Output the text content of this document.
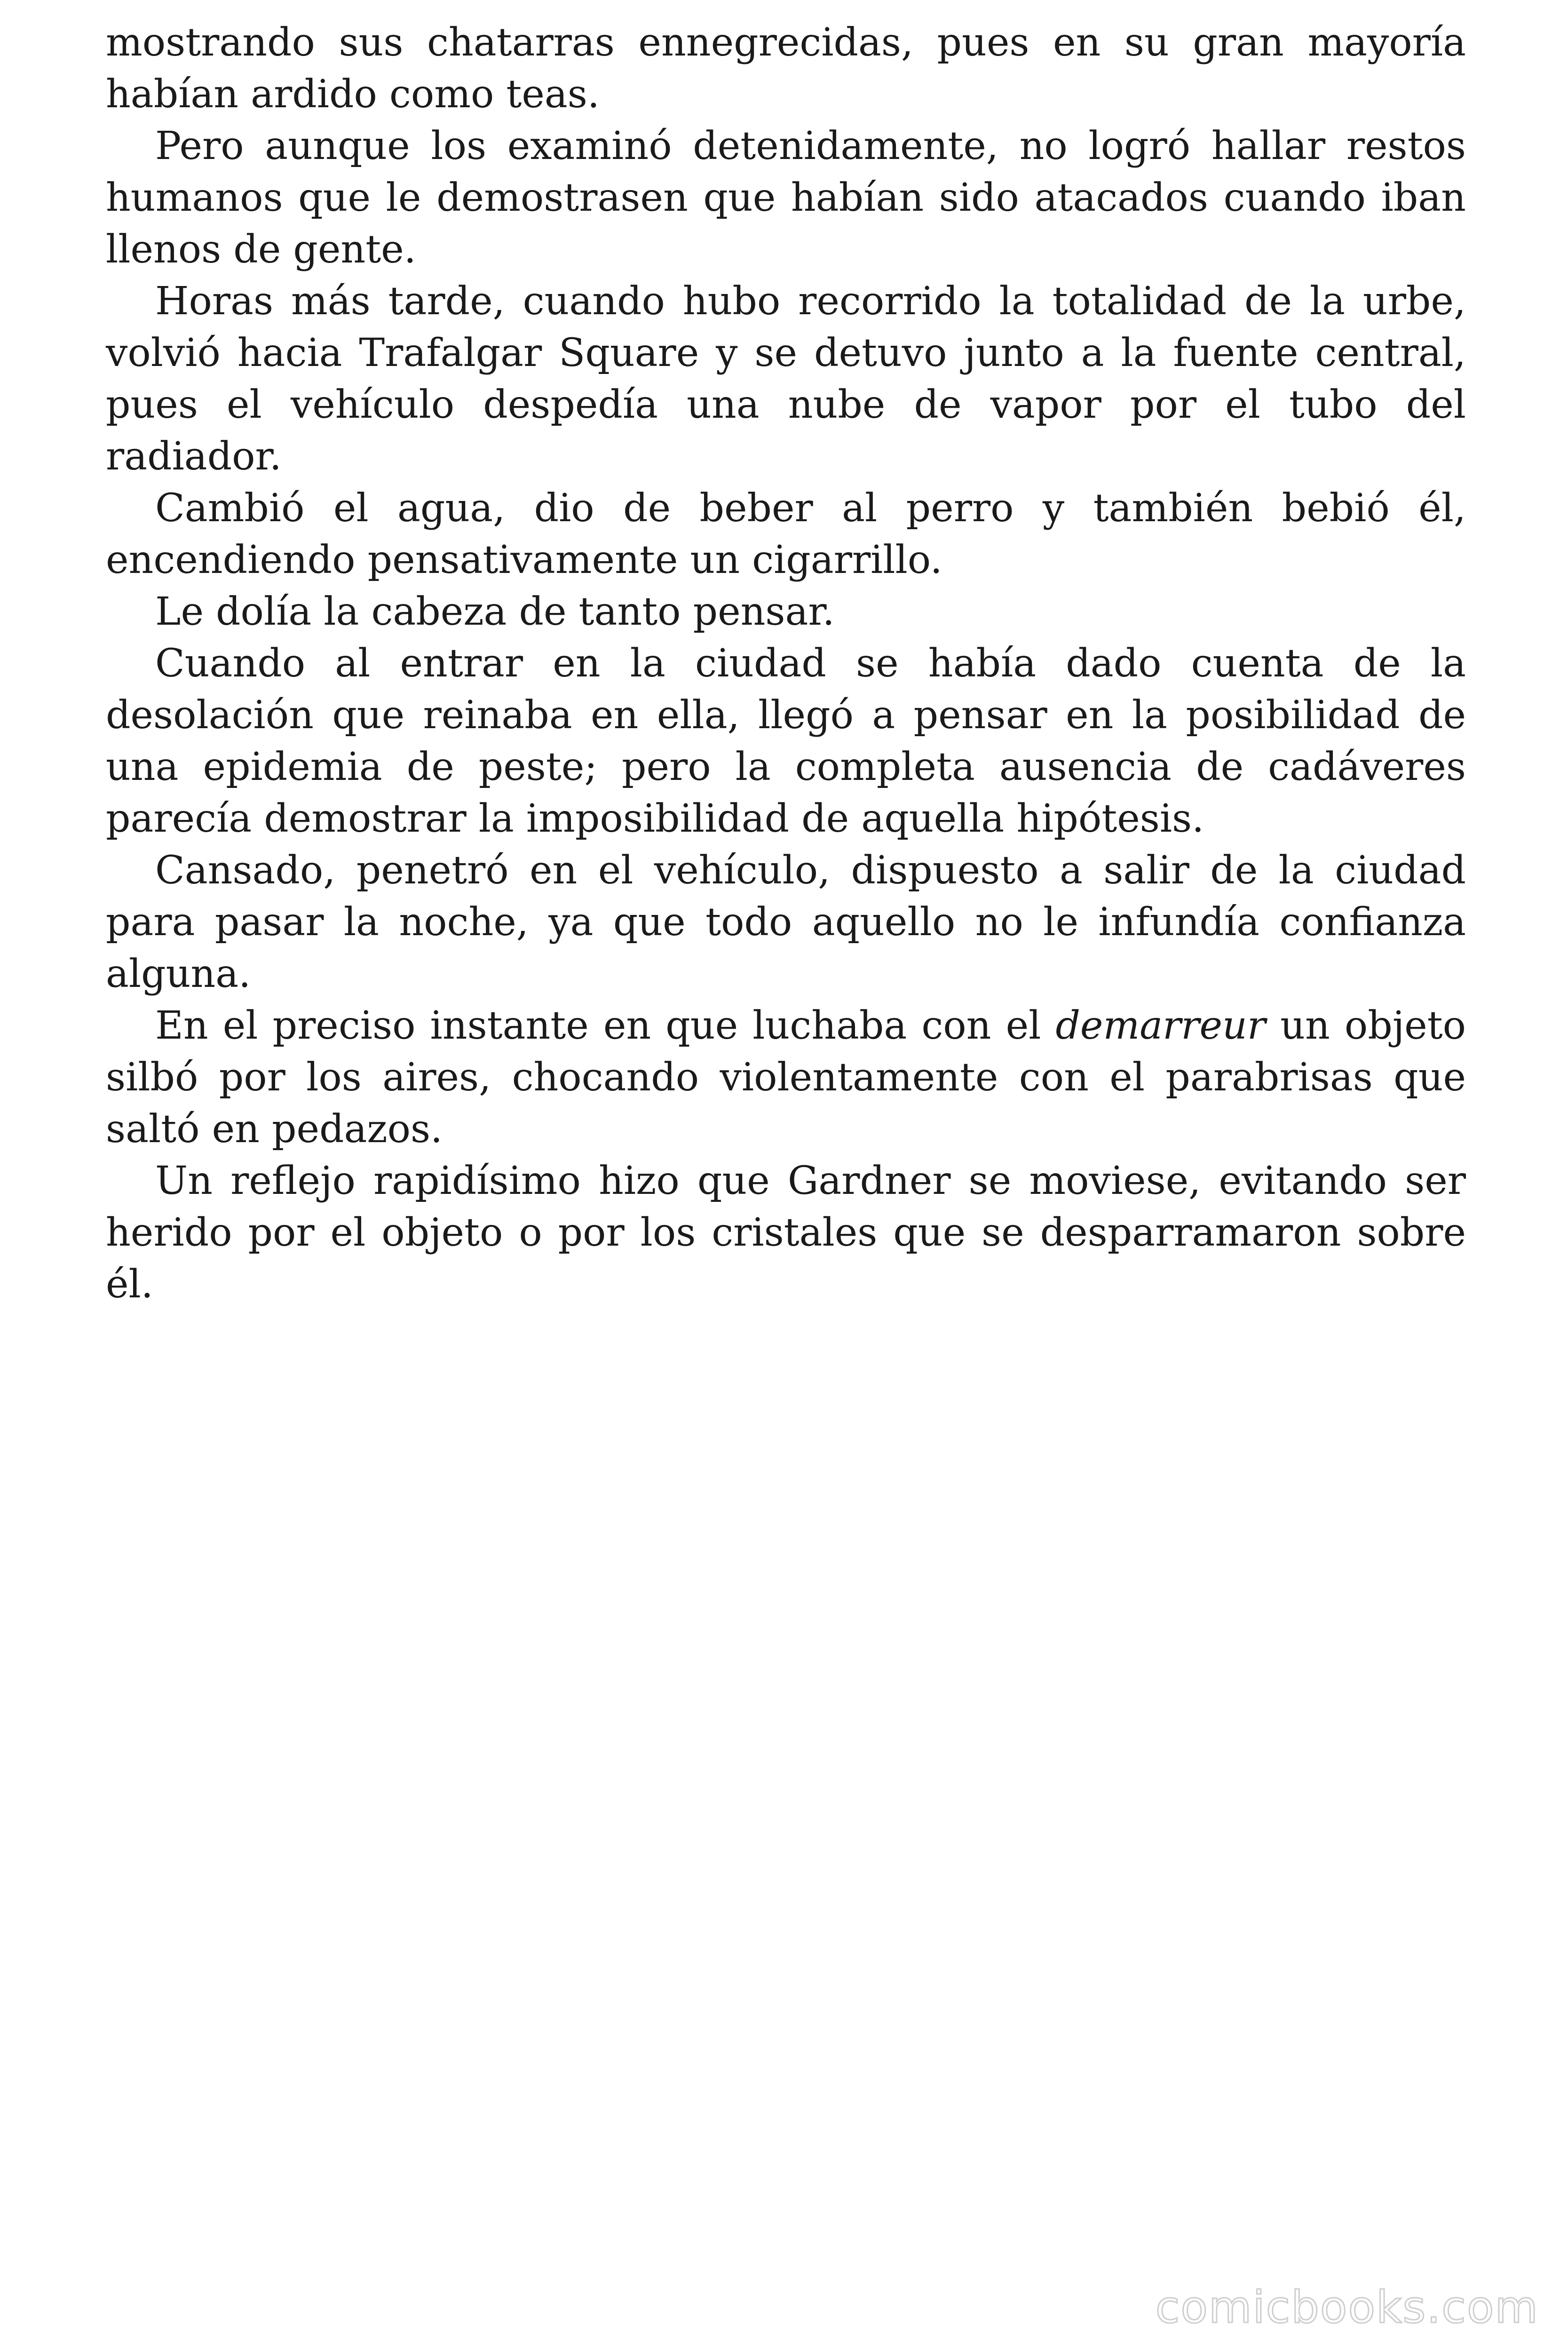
mostrando sus chatarras ennegrecidas, pues en su gran mayoría habían ardido como teas.

Pero aunque los examinó detenidamente, no logró hallar restos humanos que le demostrasen que habían sido atacados cuando iban llenos de gente.

Horas más tarde, cuando hubo recorrido la totalidad de la urbe, volvió hacia Trafalgar Square y se detuvo junto a la fuente central, pues el vehículo despedía una nube de vapor por el tubo del radiador.

Cambió el agua, dio de beber al perro y también bebió él, encendiendo pensativamente un cigarrillo.

Le dolía la cabeza de tanto pensar.

Cuando al entrar en la ciudad se había dado cuenta de la desolación que reinaba en ella, llegó a pensar en la posibilidad de una epidemia de peste; pero la completa ausencia de cadáveres parecía demostrar la imposibilidad de aquella hipótesis.

Cansado, penetró en el vehículo, dispuesto a salir de la ciudad para pasar la noche, ya que todo aquello no le infundía confianza alguna.

En el preciso instante en que luchaba con el demarreur un objeto silbó por los aires, chocando violentamente con el parabrisas que saltó en pedazos.

Un reflejo rapidísimo hizo que Gardner se moviese, evitando ser herido por el objeto o por los cristales que se desparramaron sobre él.

comicbooks.com
